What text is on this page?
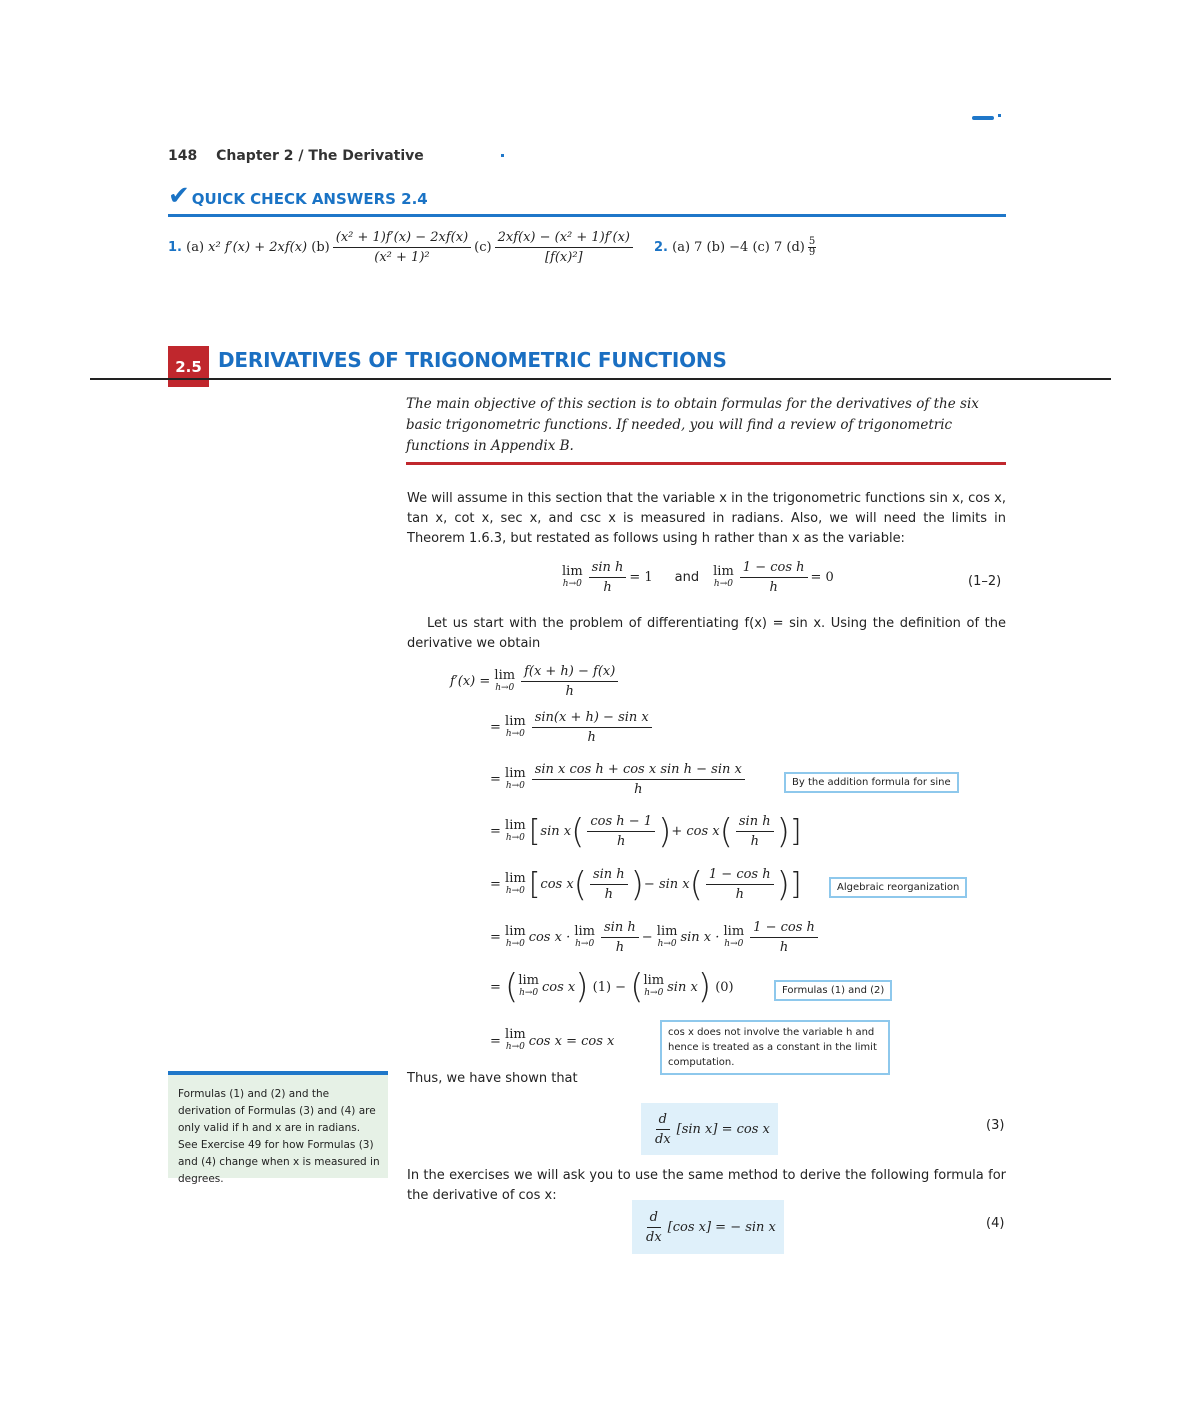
148 Chapter 2 / The Derivative
✔ QUICK CHECK ANSWERS 2.4
1.
(a)
x² f′(x) + 2xf(x)
$(b) \frac{\text{(x² + 1)f′(x) − 2xf(x)}}{\text{(x² + 1)²}} (c) \frac{\text{2xf(x) − (x² + 1)f′(x)}}{\text{[f(x)²]}} 2$.
(a) 7 (b) −4 (c) 7 $(d) \frac{5}{9}$
2.5 DERIVATIVES OF TRIGONOMETRIC FUNCTIONS
The main objective of this section is to obtain formulas for the derivatives of the six basic trigonometric functions. If needed, you will find a review of trigonometric functions in Appendix B.
We will assume in this section that the variable x in the trigonometric functions sin x, cos x, tan x, cot x, sec x, and csc x is measured in radians. Also, we will need the limits in Theorem 1.6.3, but restated as follows using h rather than x as the variable:
lim
$h\to 0 \frac{\text{sin h}}{h} = 1$ and lim
$h\to 0 \frac{\text{1 − cos h}}{h} = 0$	(1–2)
Let us start with the problem of differentiating f(x) = sin x. Using the definition of the derivative we obtain
f′(x) =
lim
$h\to 0 \frac{f(x + h) - f(x)}{h}$
=
lim
$h\to 0 \frac{\text{sin(x + h) − sin x}}{h}$
=
lim
$h\to 0 \frac{\text{sin x cos h + cos x sin h − sin x}}{h}$	By the addition formula for sine
=
lim
h→0 [ sin x ( $\frac{\text{cos h − 1}}{h}$ ) + cos x ( $\frac{\text{sin h}}{h}$ ) ]
=
lim
h→0 [ cos x ( $\frac{\text{sin h}}{h}$ ) − sin x ( $\frac{\text{1 − cos h}}{h}$ ) ]	Algebraic reorganization
=
lim
h→0 cos x ·
lim
$h\to 0 \frac{\text{sin h}}{h}$ −
lim
h→0 sin x ·
lim
$h\to 0 \frac{\text{1 − cos h}}{h}$
=
( lim
h→0 cos x )
(1) −
( lim
h→0 sin x )
(0)	Formulas (1) and (2)
=
lim
h→0 cos x = cos x
cos x does not involve the variable h and hence is treated as a constant in the limit computation.
Formulas (1) and (2) and the derivation of Formulas (3) and (4) are only valid if h and x are in radians. See Exercise 49 for how Formulas (3) and (4) change when x is measured in degrees.
Thus, we have shown that
$\frac{d}{dx} [\sin$ x] = cos x	(3)
In the exercises we will ask you to use the same method to derive the following formula for the derivative of cos x:
$\frac{d}{dx} [\cos$ x] = − sin x	(4)
